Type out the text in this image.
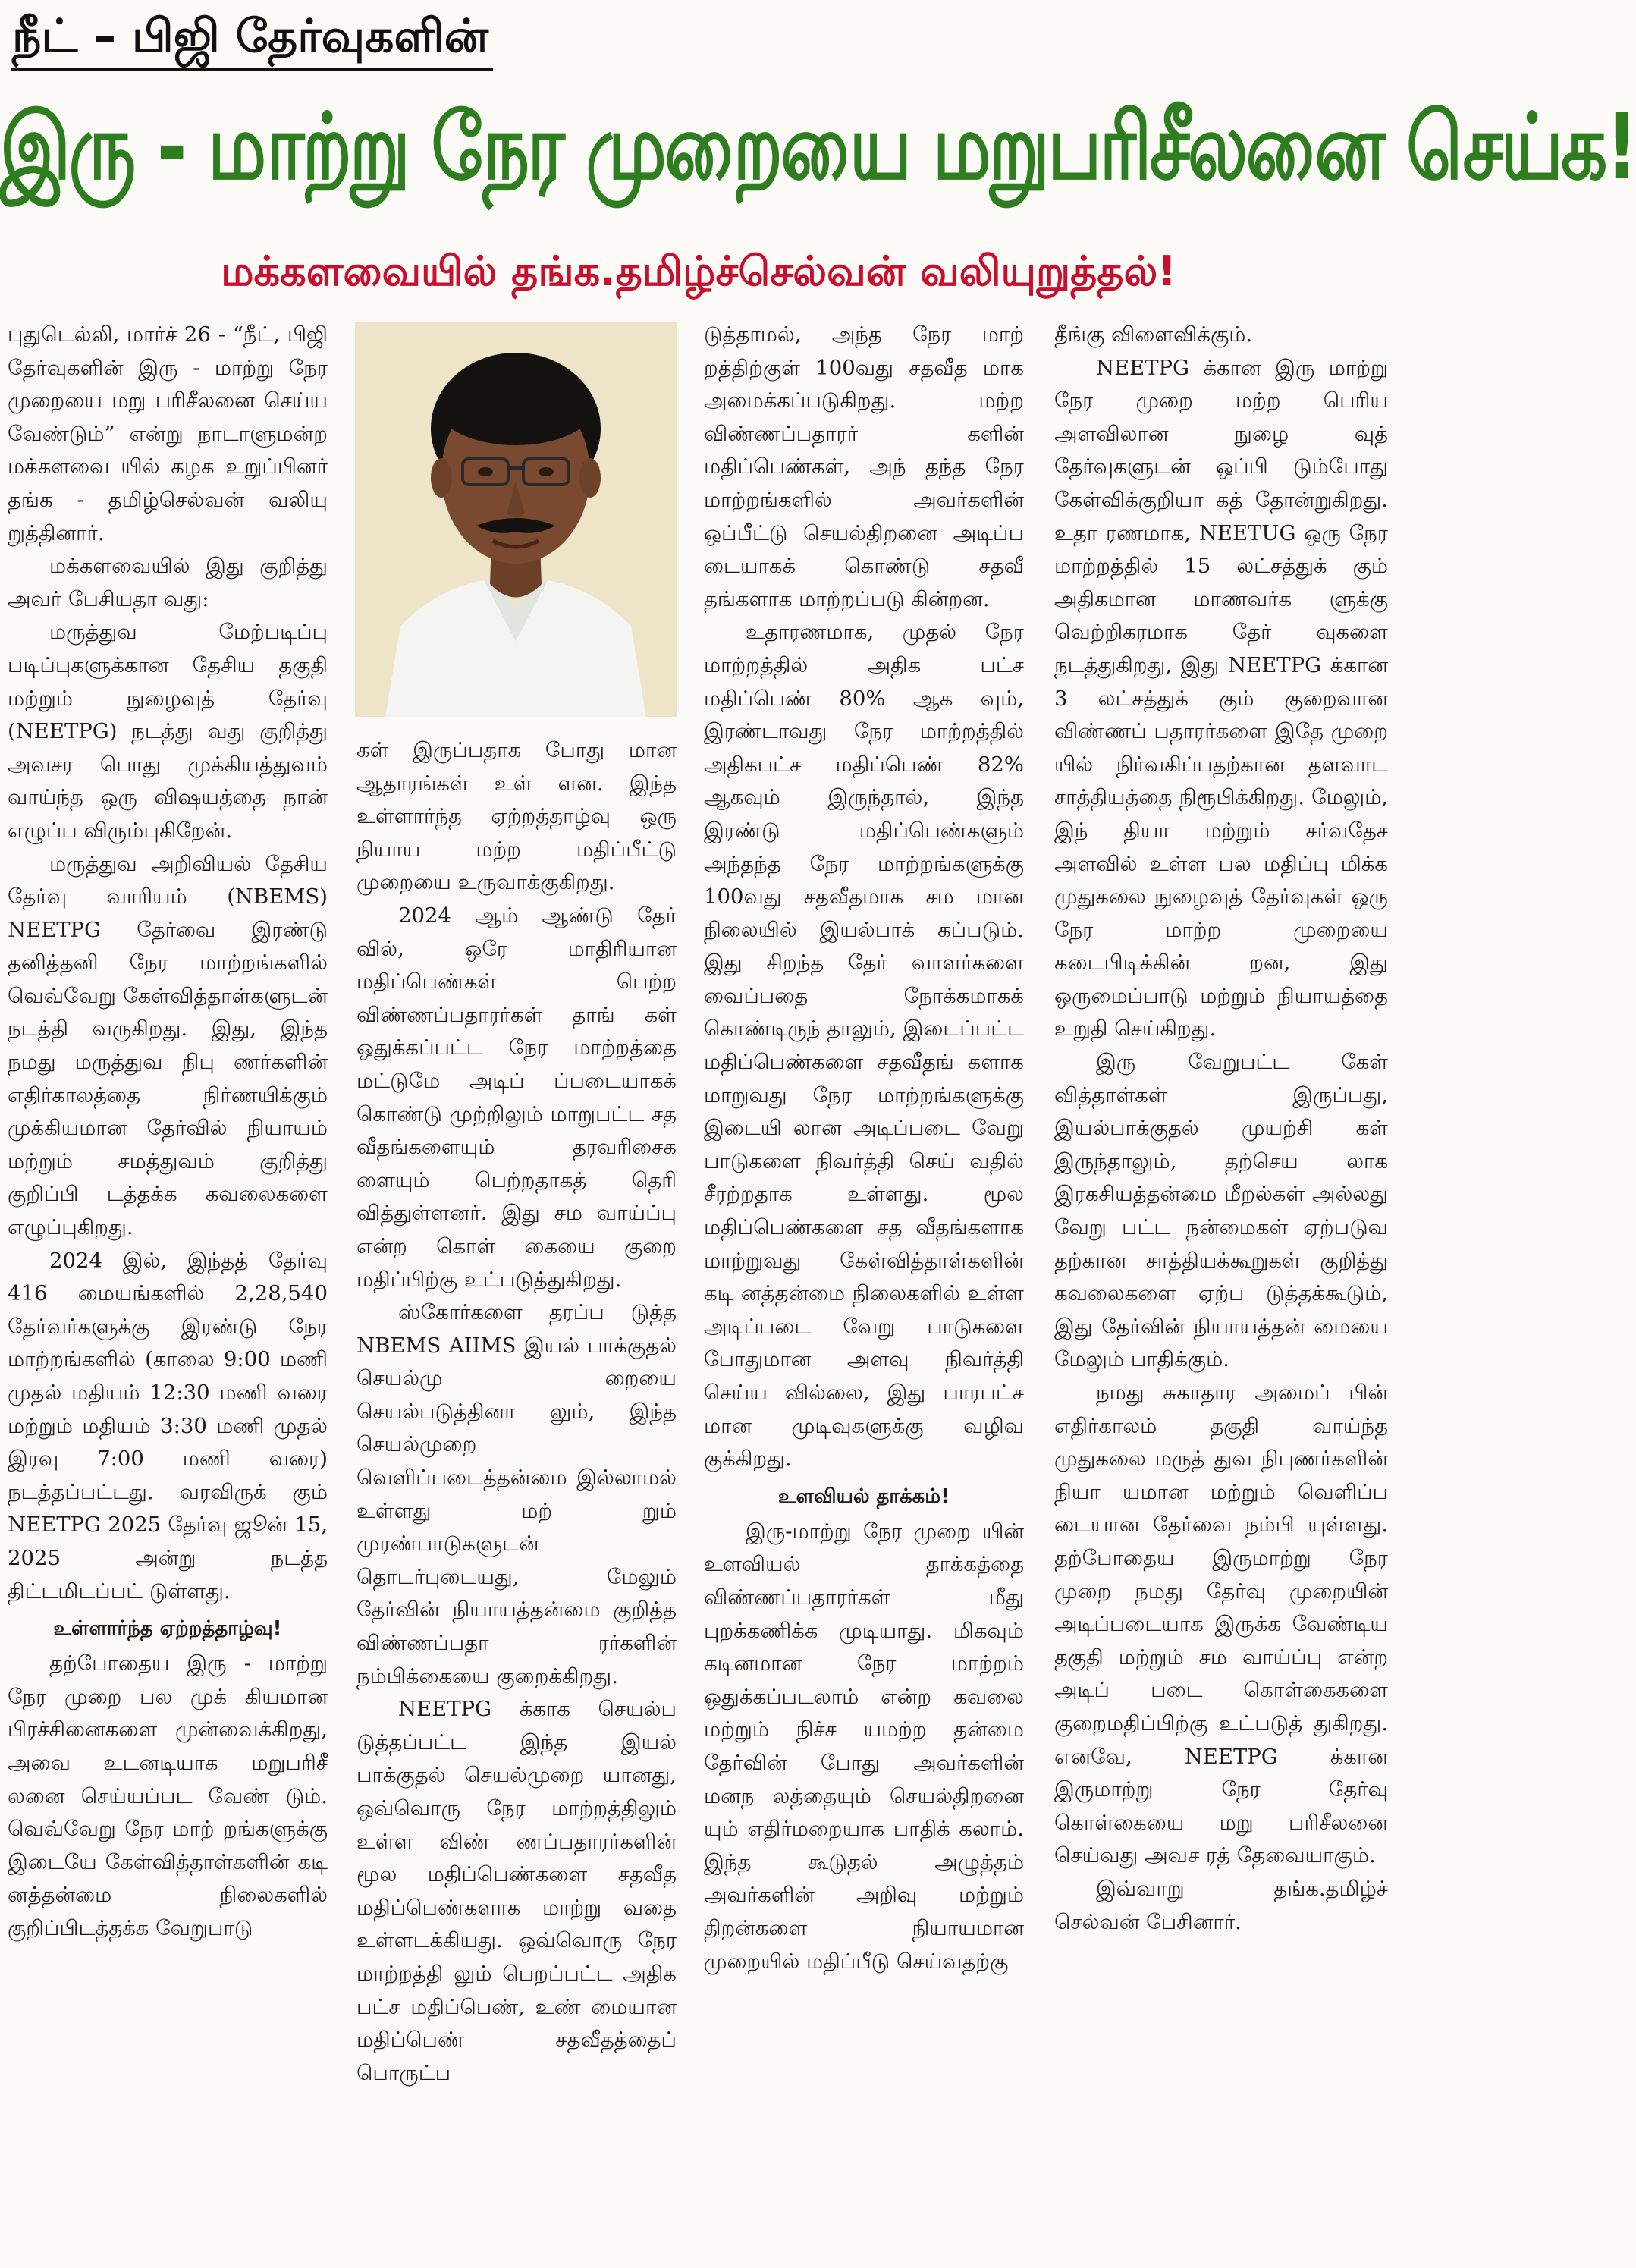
நீட் – பிஜி தேர்வுகளின்
இரு - மாற்று நேர முறையை மறுபரிசீலனை செய்க!
மக்களவையில் தங்க.தமிழ்ச்செல்வன் வலியுறுத்தல்!

புதுடெல்லி, மார்ச் 26 - “நீட், பிஜி தேர்வுகளின் இரு - மாற்று நேர முறையை மறு பரிசீலனை செய்ய வேண்டும்” என்று நாடாளுமன்ற மக்களவை யில் கழக உறுப்பினர் தங்க - தமிழ்செல்வன் வலியு றுத்தினார்.

மக்களவையில் இது குறித்து அவர் பேசியதா வது:

மருத்துவ மேற்படிப்பு படிப்புகளுக்கான தேசிய தகுதி மற்றும் நுழைவுத் தேர்வு (NEETPG) நடத்து வது குறித்து அவசர பொது முக்கியத்துவம் வாய்ந்த ஒரு விஷயத்தை நான் எழுப்ப விரும்புகிறேன்.

மருத்துவ அறிவியல் தேசிய தேர்வு வாரியம் (NBEMS) NEETPG தேர்வை இரண்டு தனித்தனி நேர மாற்றங்களில் வெவ்வேறு கேள்வித்தாள்களுடன் நடத்தி வருகிறது. இது, இந்த நமது மருத்துவ நிபு ணர்களின் எதிர்காலத்தை நிர்ணயிக்கும் முக்கியமான தேர்வில் நியாயம் மற்றும் சமத்துவம் குறித்து குறிப்பி டத்தக்க கவலைகளை எழுப்புகிறது.

2024 இல், இந்தத் தேர்வு 416 மையங்களில் 2,28,540 தேர்வர்களுக்கு இரண்டு நேர மாற்றங்களில் (காலை 9:00 மணி முதல் மதியம் 12:30 மணி வரை மற்றும் மதியம் 3:30 மணி முதல் இரவு 7:00 மணி வரை) நடத்தப்பட்டது. வரவிருக் கும் NEETPG 2025 தேர்வு ஜூன் 15, 2025 அன்று நடத்த திட்டமிடப்பட் டுள்ளது.

உள்ளார்ந்த ஏற்றத்தாழ்வு!

தற்போதைய இரு - மாற்று நேர முறை பல முக் கியமான பிரச்சினைகளை முன்வைக்கிறது, அவை உடனடியாக மறுபரிசீ லனை செய்யப்பட வேண் டும். வெவ்வேறு நேர மாற் றங்களுக்கு இடையே கேள்வித்தாள்களின் கடி னத்தன்மை நிலைகளில் குறிப்பிடத்தக்க வேறுபாடு

கள் இருப்பதாக போது மான ஆதாரங்கள் உள் ளன. இந்த உள்ளார்ந்த ஏற்றத்தாழ்வு ஒரு நியாய மற்ற மதிப்பீட்டு முறையை உருவாக்குகிறது.

2024 ஆம் ஆண்டு தேர் வில், ஒரே மாதிரியான மதிப்பெண்கள் பெற்ற விண்ணப்பதாரர்கள் தாங் கள் ஒதுக்கப்பட்ட நேர மாற்றத்தை மட்டுமே அடிப் ப்படையாகக் கொண்டு முற்றிலும் மாறுபட்ட சத வீதங்களையும் தரவரிசைக ளையும் பெற்றதாகத் தெரி வித்துள்ளனர். இது சம வாய்ப்பு என்ற கொள் கையை குறை மதிப்பிற்கு உட்படுத்துகிறது.

ஸ்கோர்களை தரப்ப டுத்த NBEMS AIIMS இயல் பாக்குதல் செயல்மு றையை செயல்படுத்தினா லும், இந்த செயல்முறை வெளிப்படைத்தன்மை இல்லாமல் உள்ளது மற் றும் முரண்பாடுகளுடன் தொடர்புடையது, மேலும் தேர்வின் நியாயத்தன்மை குறித்த விண்ணப்பதா ரர்களின் நம்பிக்கையை குறைக்கிறது.

NEETPG க்காக செயல்ப டுத்தப்பட்ட இந்த இயல் பாக்குதல் செயல்முறை யானது, ஒவ்வொரு நேர மாற்றத்திலும் உள்ள விண் ணப்பதாரர்களின் மூல மதிப்பெண்களை சதவீத மதிப்பெண்களாக மாற்று வதை உள்ளடக்கியது. ஒவ்வொரு நேர மாற்றத்தி லும் பெறப்பட்ட அதிக பட்ச மதிப்பெண், உண் மையான மதிப்பெண் சதவீதத்தைப் பொருட்ப

டுத்தாமல், அந்த நேர மாற் றத்திற்குள் 100வது சதவீத மாக அமைக்கப்படுகிறது. மற்ற விண்ணப்பதாரர் களின் மதிப்பெண்கள், அந் தந்த நேர மாற்றங்களில் அவர்களின் ஒப்பீட்டு செயல்திறனை அடிப்ப டையாகக் கொண்டு சதவீ தங்களாக மாற்றப்படு கின்றன.

உதாரணமாக, முதல் நேர மாற்றத்தில் அதிக பட்ச மதிப்பெண் 80% ஆக வும், இரண்டாவது நேர மாற்றத்தில் அதிகபட்ச மதிப்பெண் 82% ஆகவும் இருந்தால், இந்த இரண்டு மதிப்பெண்களும் அந்தந்த நேர மாற்றங்களுக்கு 100வது சதவீதமாக சம மான நிலையில் இயல்பாக் கப்படும். இது சிறந்த தேர் வாளர்களை வைப்பதை நோக்கமாகக் கொண்டிருந் தாலும், இடைப்பட்ட மதிப்பெண்களை சதவீதங் களாக மாறுவது நேர மாற்றங்களுக்கு இடையி லான அடிப்படை வேறு பாடுகளை நிவர்த்தி செய் வதில் சீரற்றதாக உள்ளது. மூல மதிப்பெண்களை சத வீதங்களாக மாற்றுவது கேள்வித்தாள்களின் கடி னத்தன்மை நிலைகளில் உள்ள அடிப்படை வேறு பாடுகளை போதுமான அளவு நிவர்த்தி செய்ய வில்லை, இது பாரபட்ச மான முடிவுகளுக்கு வழிவ குக்கிறது.

உளவியல் தாக்கம்!

இரு-மாற்று நேர முறை யின் உளவியல் தாக்கத்தை விண்ணப்பதாரர்கள் மீது புறக்கணிக்க முடியாது. மிகவும் கடினமான நேர மாற்றம் ஒதுக்கப்படலாம் என்ற கவலை மற்றும் நிச்ச யமற்ற தன்மை தேர்வின் போது அவர்களின் மனந லத்தையும் செயல்திறனை யும் எதிர்மறையாக பாதிக் கலாம். இந்த கூடுதல் அழுத்தம் அவர்களின் அறிவு மற்றும் திறன்களை நியாயமான முறையில் மதிப்பீடு செய்வதற்கு

தீங்கு விளைவிக்கும்.

NEETPG க்கான இரு மாற்று நேர முறை மற்ற பெரிய அளவிலான நுழை வுத் தேர்வுகளுடன் ஒப்பி டும்போது கேள்விக்குறியா கத் தோன்றுகிறது. உதா ரணமாக, NEETUG ஒரு நேர மாற்றத்தில் 15 லட்சத்துக் கும் அதிகமான மாணவர்க ளுக்கு வெற்றிகரமாக தேர் வுகளை நடத்துகிறது, இது NEETPG க்கான 3 லட்சத்துக் கும் குறைவான விண்ணப் பதாரர்களை இதே முறை யில் நிர்வகிப்பதற்கான தளவாட சாத்தியத்தை நிரூபிக்கிறது. மேலும், இந் தியா மற்றும் சர்வதேச அளவில் உள்ள பல மதிப்பு மிக்க முதுகலை நுழைவுத் தேர்வுகள் ஒரு நேர மாற்ற முறையை கடைபிடிக்கின் றன, இது ஒருமைப்பாடு மற்றும் நியாயத்தை உறுதி செய்கிறது.

இரு வேறுபட்ட கேள் வித்தாள்கள் இருப்பது, இயல்பாக்குதல் முயற்சி கள் இருந்தாலும், தற்செய லாக இரகசியத்தன்மை மீறல்கள் அல்லது வேறு பட்ட நன்மைகள் ஏற்படுவ தற்கான சாத்தியக்கூறுகள் குறித்து கவலைகளை ஏற்ப டுத்தக்கூடும், இது தேர்வின் நியாயத்தன் மையை மேலும் பாதிக்கும்.

நமது சுகாதார அமைப் பின் எதிர்காலம் தகுதி வாய்ந்த முதுகலை மருத் துவ நிபுணர்களின் நியா யமான மற்றும் வெளிப்ப டையான தேர்வை நம்பி யுள்ளது. தற்போதைய இருமாற்று நேர முறை நமது தேர்வு முறையின் அடிப்படையாக இருக்க வேண்டிய தகுதி மற்றும் சம வாய்ப்பு என்ற அடிப் படை கொள்கைகளை குறைமதிப்பிற்கு உட்படுத் துகிறது. எனவே, NEETPG க்கான இருமாற்று நேர தேர்வு கொள்கையை மறு பரிசீலனை செய்வது அவச ரத் தேவையாகும்.

இவ்வாறு தங்க.தமிழ்ச் செல்வன் பேசினார்.
